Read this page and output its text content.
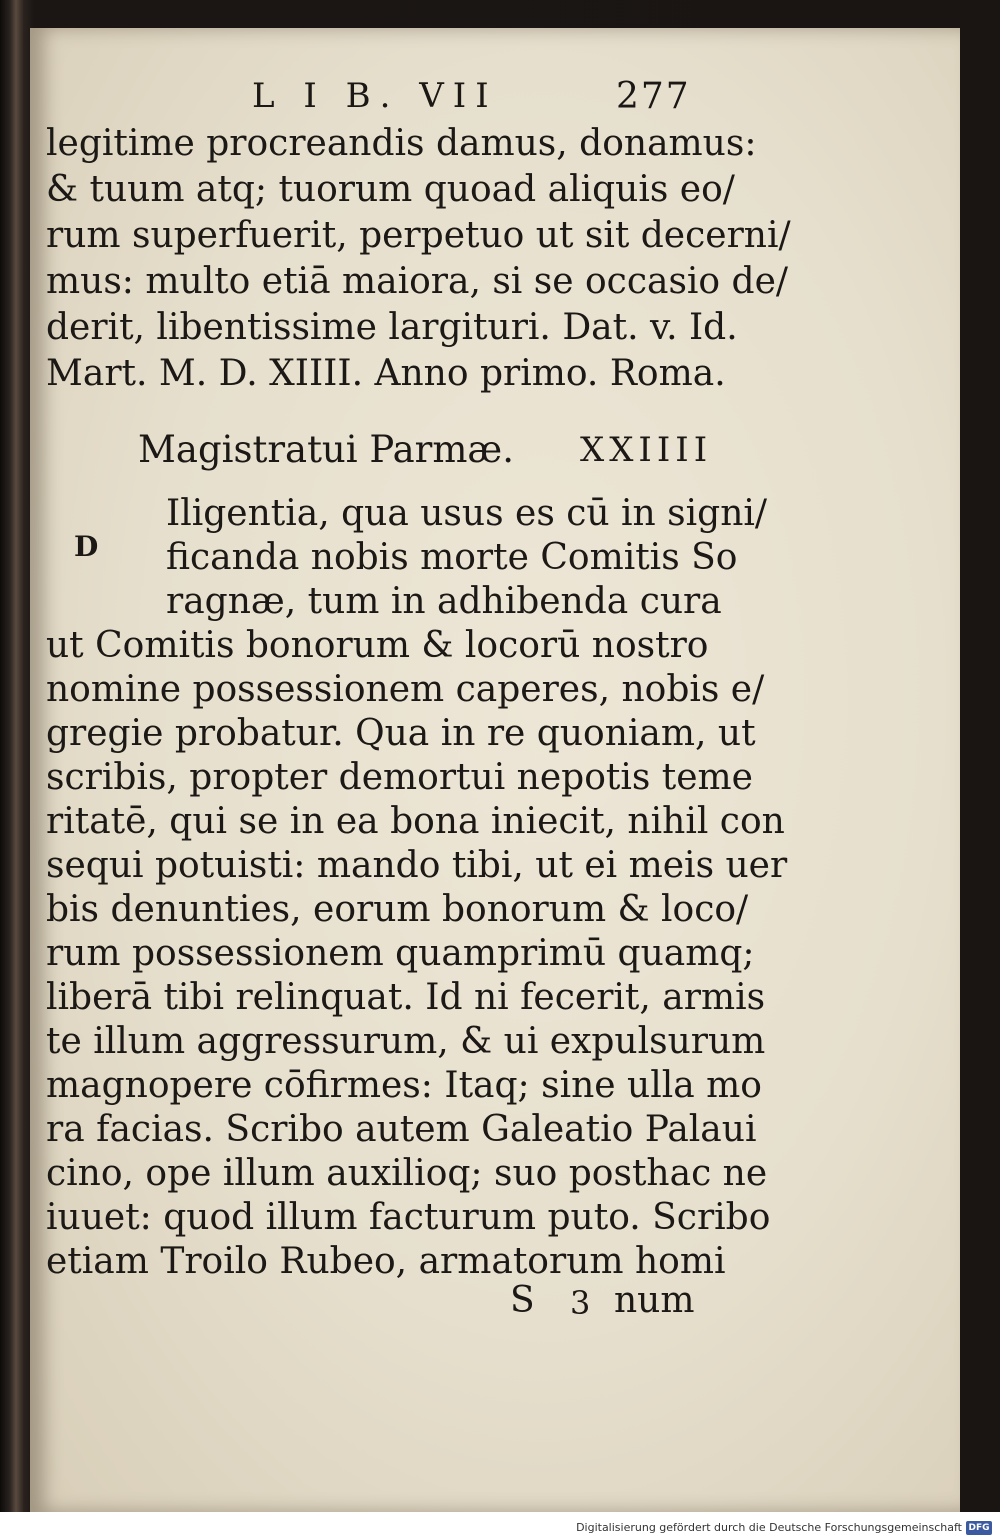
L I B. VII	277
legitime procreandis damus, donamus:
& tuum atq; tuorum quoad aliquis eo/
rum superfuerit, perpetuo ut sit decerni/
mus: multo etiā maiora, si se occasio de/
derit, libentissime largituri. Dat. v. Id.
Mart. M. D. XIIII. Anno primo. Roma.
Magistratui Parmæ. XXIIII
D
Iligentia, qua usus es cū in signi/
ficanda nobis morte Comitis So
ragnæ, tum in adhibenda cura
ut Comitis bonorum & locorū nostro
nomine possessionem caperes, nobis e/
gregie probatur. Qua in re quoniam, ut
scribis, propter demortui nepotis teme
ritatē, qui se in ea bona iniecit, nihil con
sequi potuisti: mando tibi, ut ei meis uer
bis denunties, eorum bonorum & loco/
rum possessionem quamprimū quamq;
liberā tibi relinquat. Id ni fecerit, armis
te illum aggressurum, & ui expulsurum
magnopere cōfirmes: Itaq; sine ulla mo
ra facias. Scribo autem Galeatio Palaui
cino, ope illum auxilioq; suo posthac ne
iuuet: quod illum facturum puto. Scribo
etiam Troilo Rubeo, armatorum homi
S 3 num
Digitalisierung gefördert durch die Deutsche Forschungsgemeinschaft DFG
